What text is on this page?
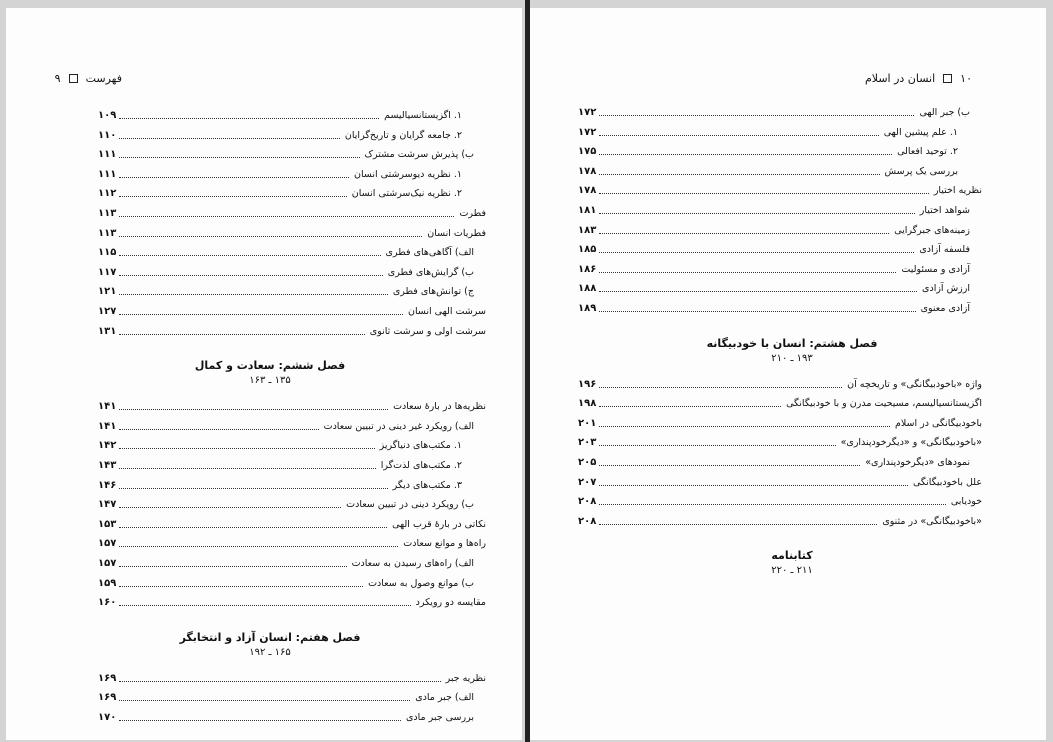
فهرست
۹
۱. اگزیستانسیالیسم
۱۰۹
۲. جامعه گرایان و تاریخ‌گرایان
۱۱۰
ب) پذیرش سرشت مشترک
۱۱۱
۱. نظریه دیوسرشتی انسان
۱۱۱
۲. نظریه نیک‌سرشتی انسان
۱۱۲
فطرت
۱۱۳
فطریات انسان
۱۱۳
الف) آگاهی‌های فطری
۱۱۵
ب) گرایش‌های فطری
۱۱۷
ج) توانش‌های فطری
۱۲۱
سرشت الهی انسان
۱۲۷
سرشت اولی و سرشت ثانوی
۱۳۱
فصل ششم: سعادت و کمال
۱۳۵ ـ ۱۶۳
نظریه‌ها در بارهٔ سعادت
۱۴۱
الف) رویکرد غیر دینی در تبیین سعادت
۱۴۱
۱. مکتب‌های دنیاگریز
۱۴۲
۲. مکتب‌های لذت‌گرا
۱۴۳
۳. مکتب‌های دیگر
۱۴۶
ب) رویکرد دینی در تبیین سعادت
۱۴۷
نکاتی در بارهٔ قرب الهی
۱۵۳
راه‌ها و موانع سعادت
۱۵۷
الف) راه‌های رسیدن به سعادت
۱۵۷
ب) موانع وصول به سعادت
۱۵۹
مقایسه دو رویکرد
۱۶۰
فصل هفتم: انسان آزاد و انتخابگر
۱۶۵ ـ ۱۹۲
نظریه جبر
۱۶۹
الف) جبر مادی
۱۶۹
بررسی جبر مادی
۱۷۰
۱۰
انسان در اسلام
ب) جبر الهی
۱۷۲
۱. علم پیشین الهی
۱۷۲
۲. توحید افعالی
۱۷۵
بررسی یک پرسش
۱۷۸
نظریه اختیار
۱۷۸
شواهد اختیار
۱۸۱
زمینه‌های جبرگرایی
۱۸۳
فلسفه آزادی
۱۸۵
آزادی و مسئولیت
۱۸۶
ارزش آزادی
۱۸۸
آزادی معنوی
۱۸۹
فصل هشتم: انسان با خودبیگانه
۱۹۳ ـ ۲۱۰
واژه «باخودبیگانگی» و تاریخچه آن
۱۹۶
اگزیستانسیالیسم، مسیحیت مدرن و با خودبیگانگی
۱۹۸
باخودبیگانگی در اسلام
۲۰۱
«باخودبیگانگی» و «دیگرخودپنداری»
۲۰۳
نمودهای «دیگرخودپنداری»
۲۰۵
علل باخودبیگانگی
۲۰۷
خودیابی
۲۰۸
«باخودبیگانگی» در مثنوی
۲۰۸
کتابنامه
۲۱۱ ـ ۲۲۰
